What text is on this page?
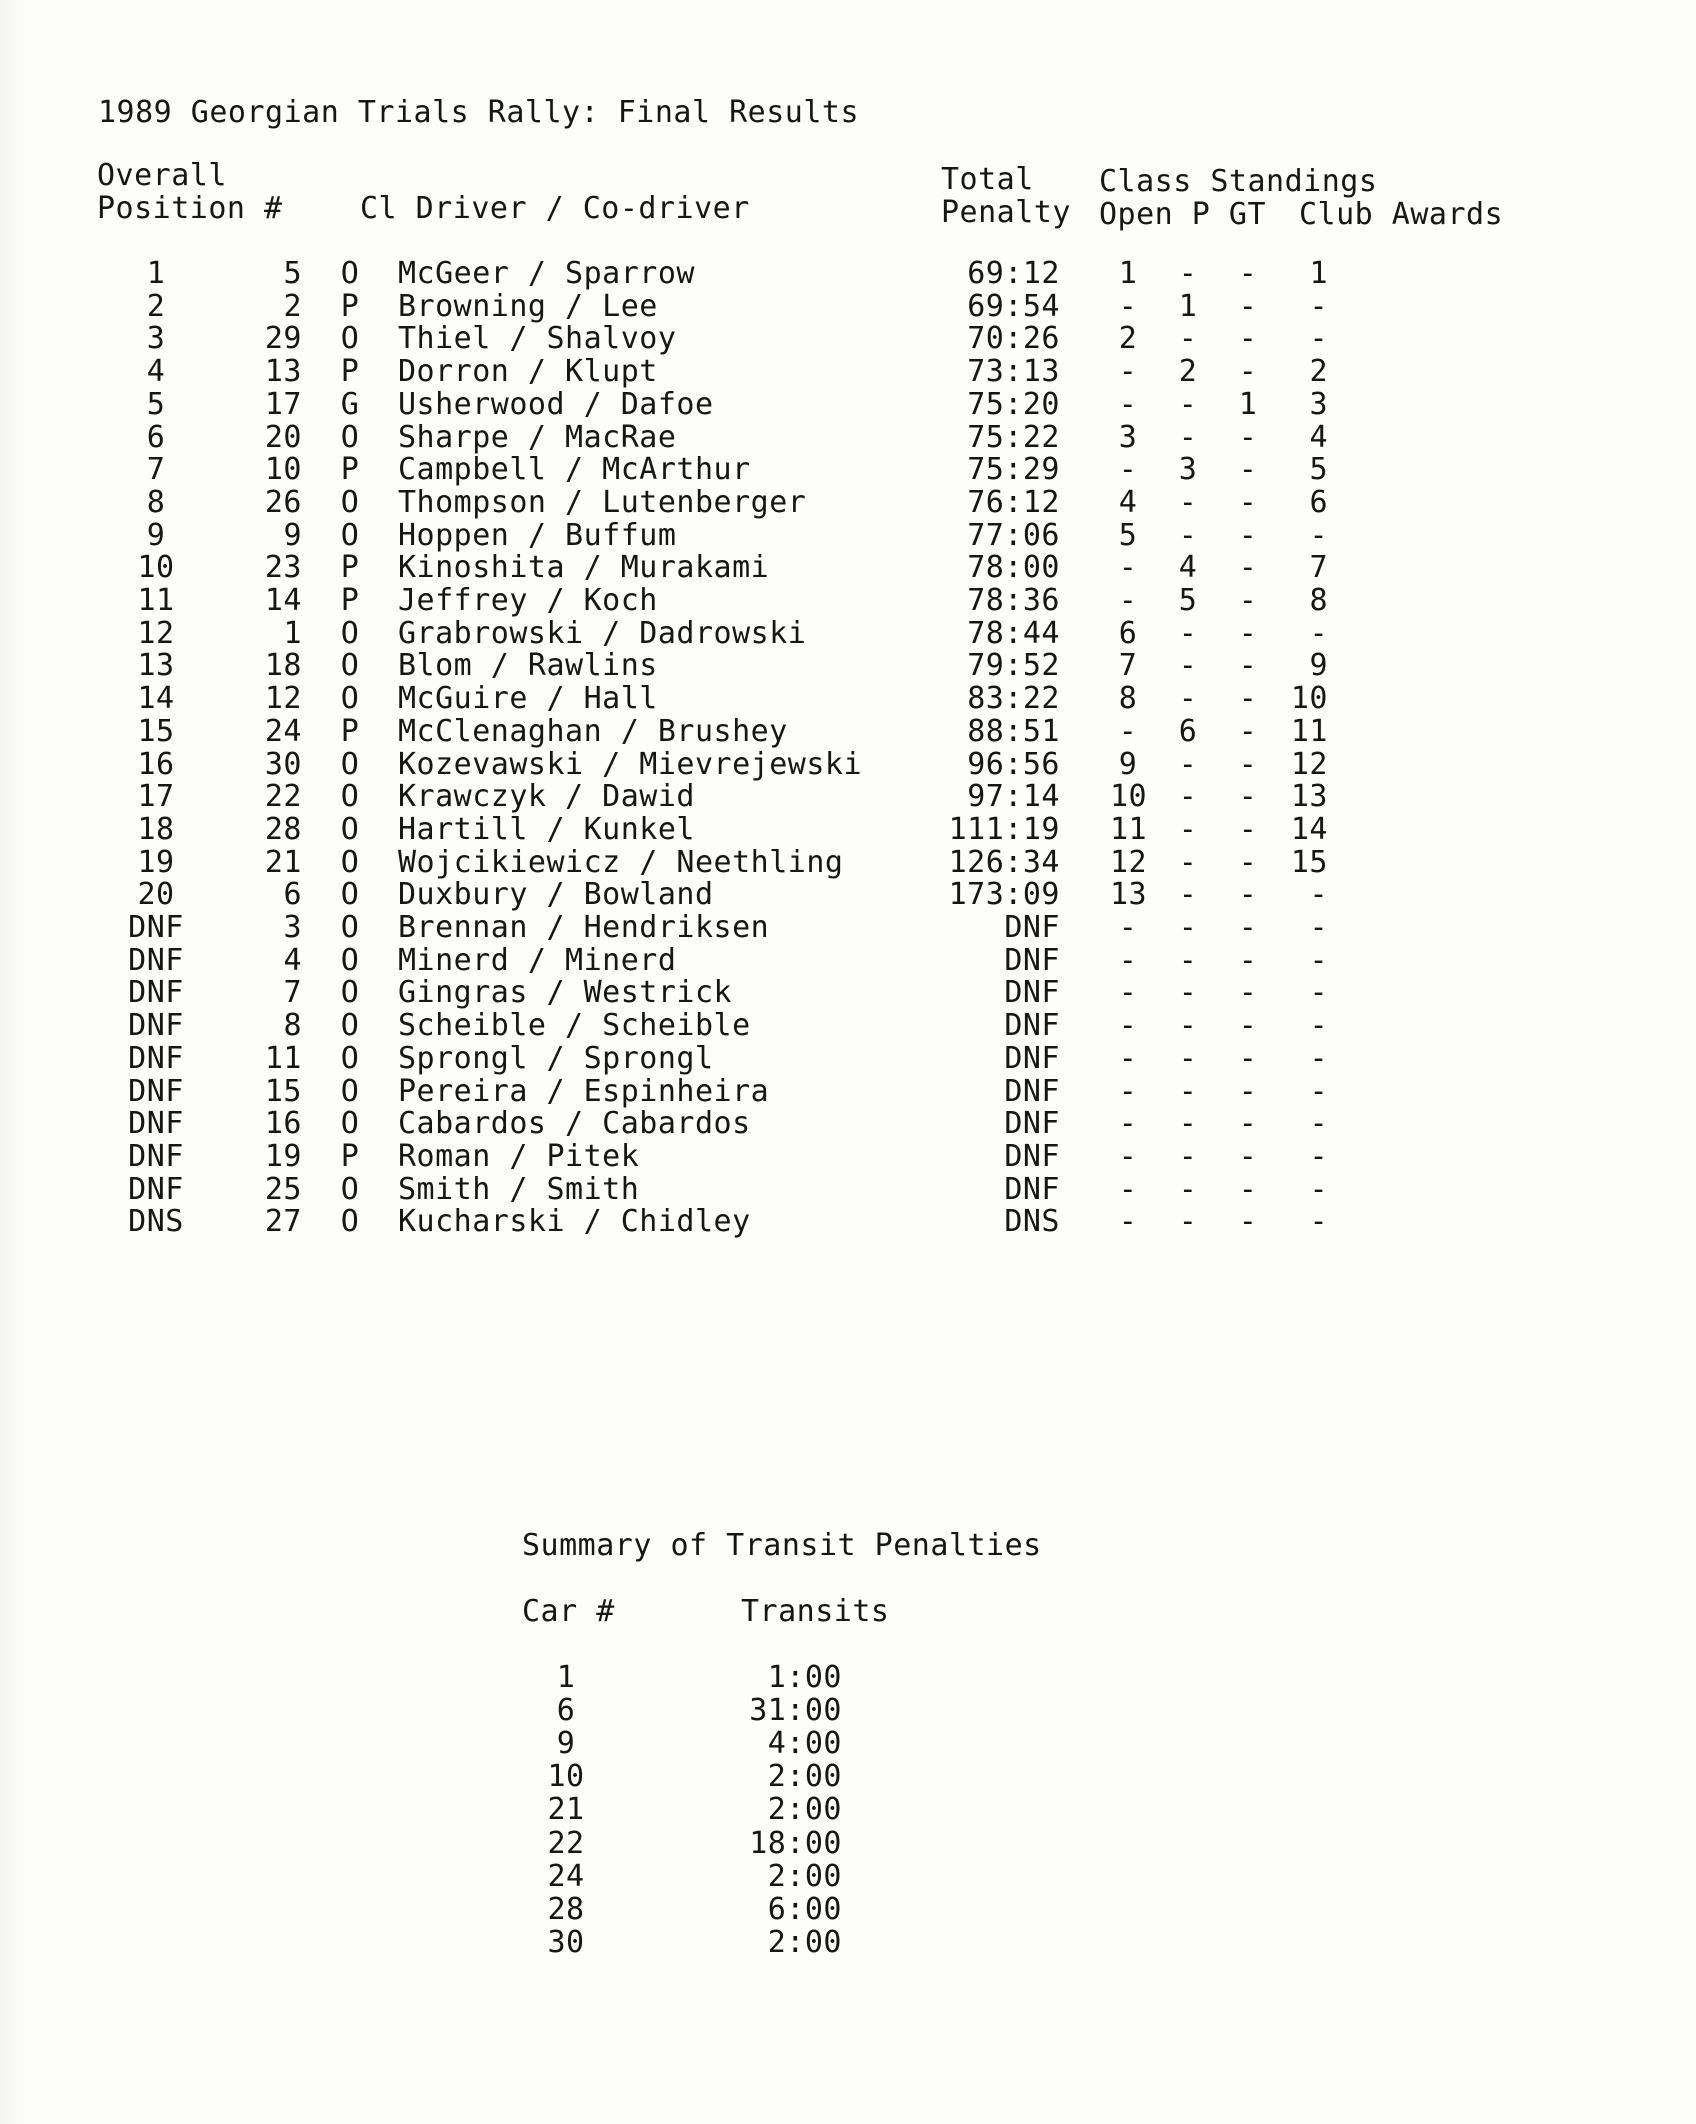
1989 Georgian Trials Rally: Final Results
Overall
Position #	Cl Driver / Co-driver
Total
Penalty
Class Standings
Open P GT Club Awards
1	5 O McGeer / Sparrow	69:12 1 - -	1
2	2 P Browning / Lee	69:54 - 1 -	-
3	29 O Thiel / Shalvoy	70:26 2 - -	-
4	13 P Dorron / Klupt	73:13 - 2 -	2
5	17 G Usherwood / Dafoe	75:20 - - 1	3
6	20 O Sharpe / MacRae	75:22 3 - -	4
7	10 P Campbell / McArthur	75:29 - 3 -	5
8	26 O Thompson / Lutenberger	76:12 4 - -	6
9	9 O Hoppen / Buffum	77:06 5 - -	-
10	23 P Kinoshita / Murakami	78:00 - 4 -	7
11	14 P Jeffrey / Koch	78:36 - 5 -	8
12	1 O Grabrowski / Dadrowski	78:44 6 - -	-
13	18 O Blom / Rawlins	79:52 7 - -	9
14	12 O McGuire / Hall	83:22 8 - -	10
15	24 P McClenaghan / Brushey	88:51 - 6 -	11
16	30 O Kozevawski / Mievrejewski	96:56 9 - -	12
17	22 O Krawczyk / Dawid	97:14 10 - -	13
18	28 O Hartill / Kunkel	111:19 11 - -	14
19	21 O Wojcikiewicz / Neethling	126:34 12 - -	15
20	6 O Duxbury / Bowland	173:09 13 - -	-
DNF	3 O Brennan / Hendriksen	DNF - - -	-
DNF	4 O Minerd / Minerd	DNF - - -	-
DNF	7 O Gingras / Westrick	DNF - - -	-
DNF	8 O Scheible / Scheible	DNF - - -	-
DNF	11 O Sprongl / Sprongl	DNF - - -	-
DNF	15 O Pereira / Espinheira	DNF - - -	-
DNF	16 O Cabardos / Cabardos	DNF - - -	-
DNF	19 P Roman / Pitek	DNF - - -	-
DNF	25 O Smith / Smith	DNF - - -	-
DNS	27 O Kucharski / Chidley	DNS - - -	-
Summary of Transit Penalties
Car #	Transits
1	1:00
6	31:00
9	4:00
10	2:00
21	2:00
22	18:00
24	2:00
28	6:00
30	2:00
